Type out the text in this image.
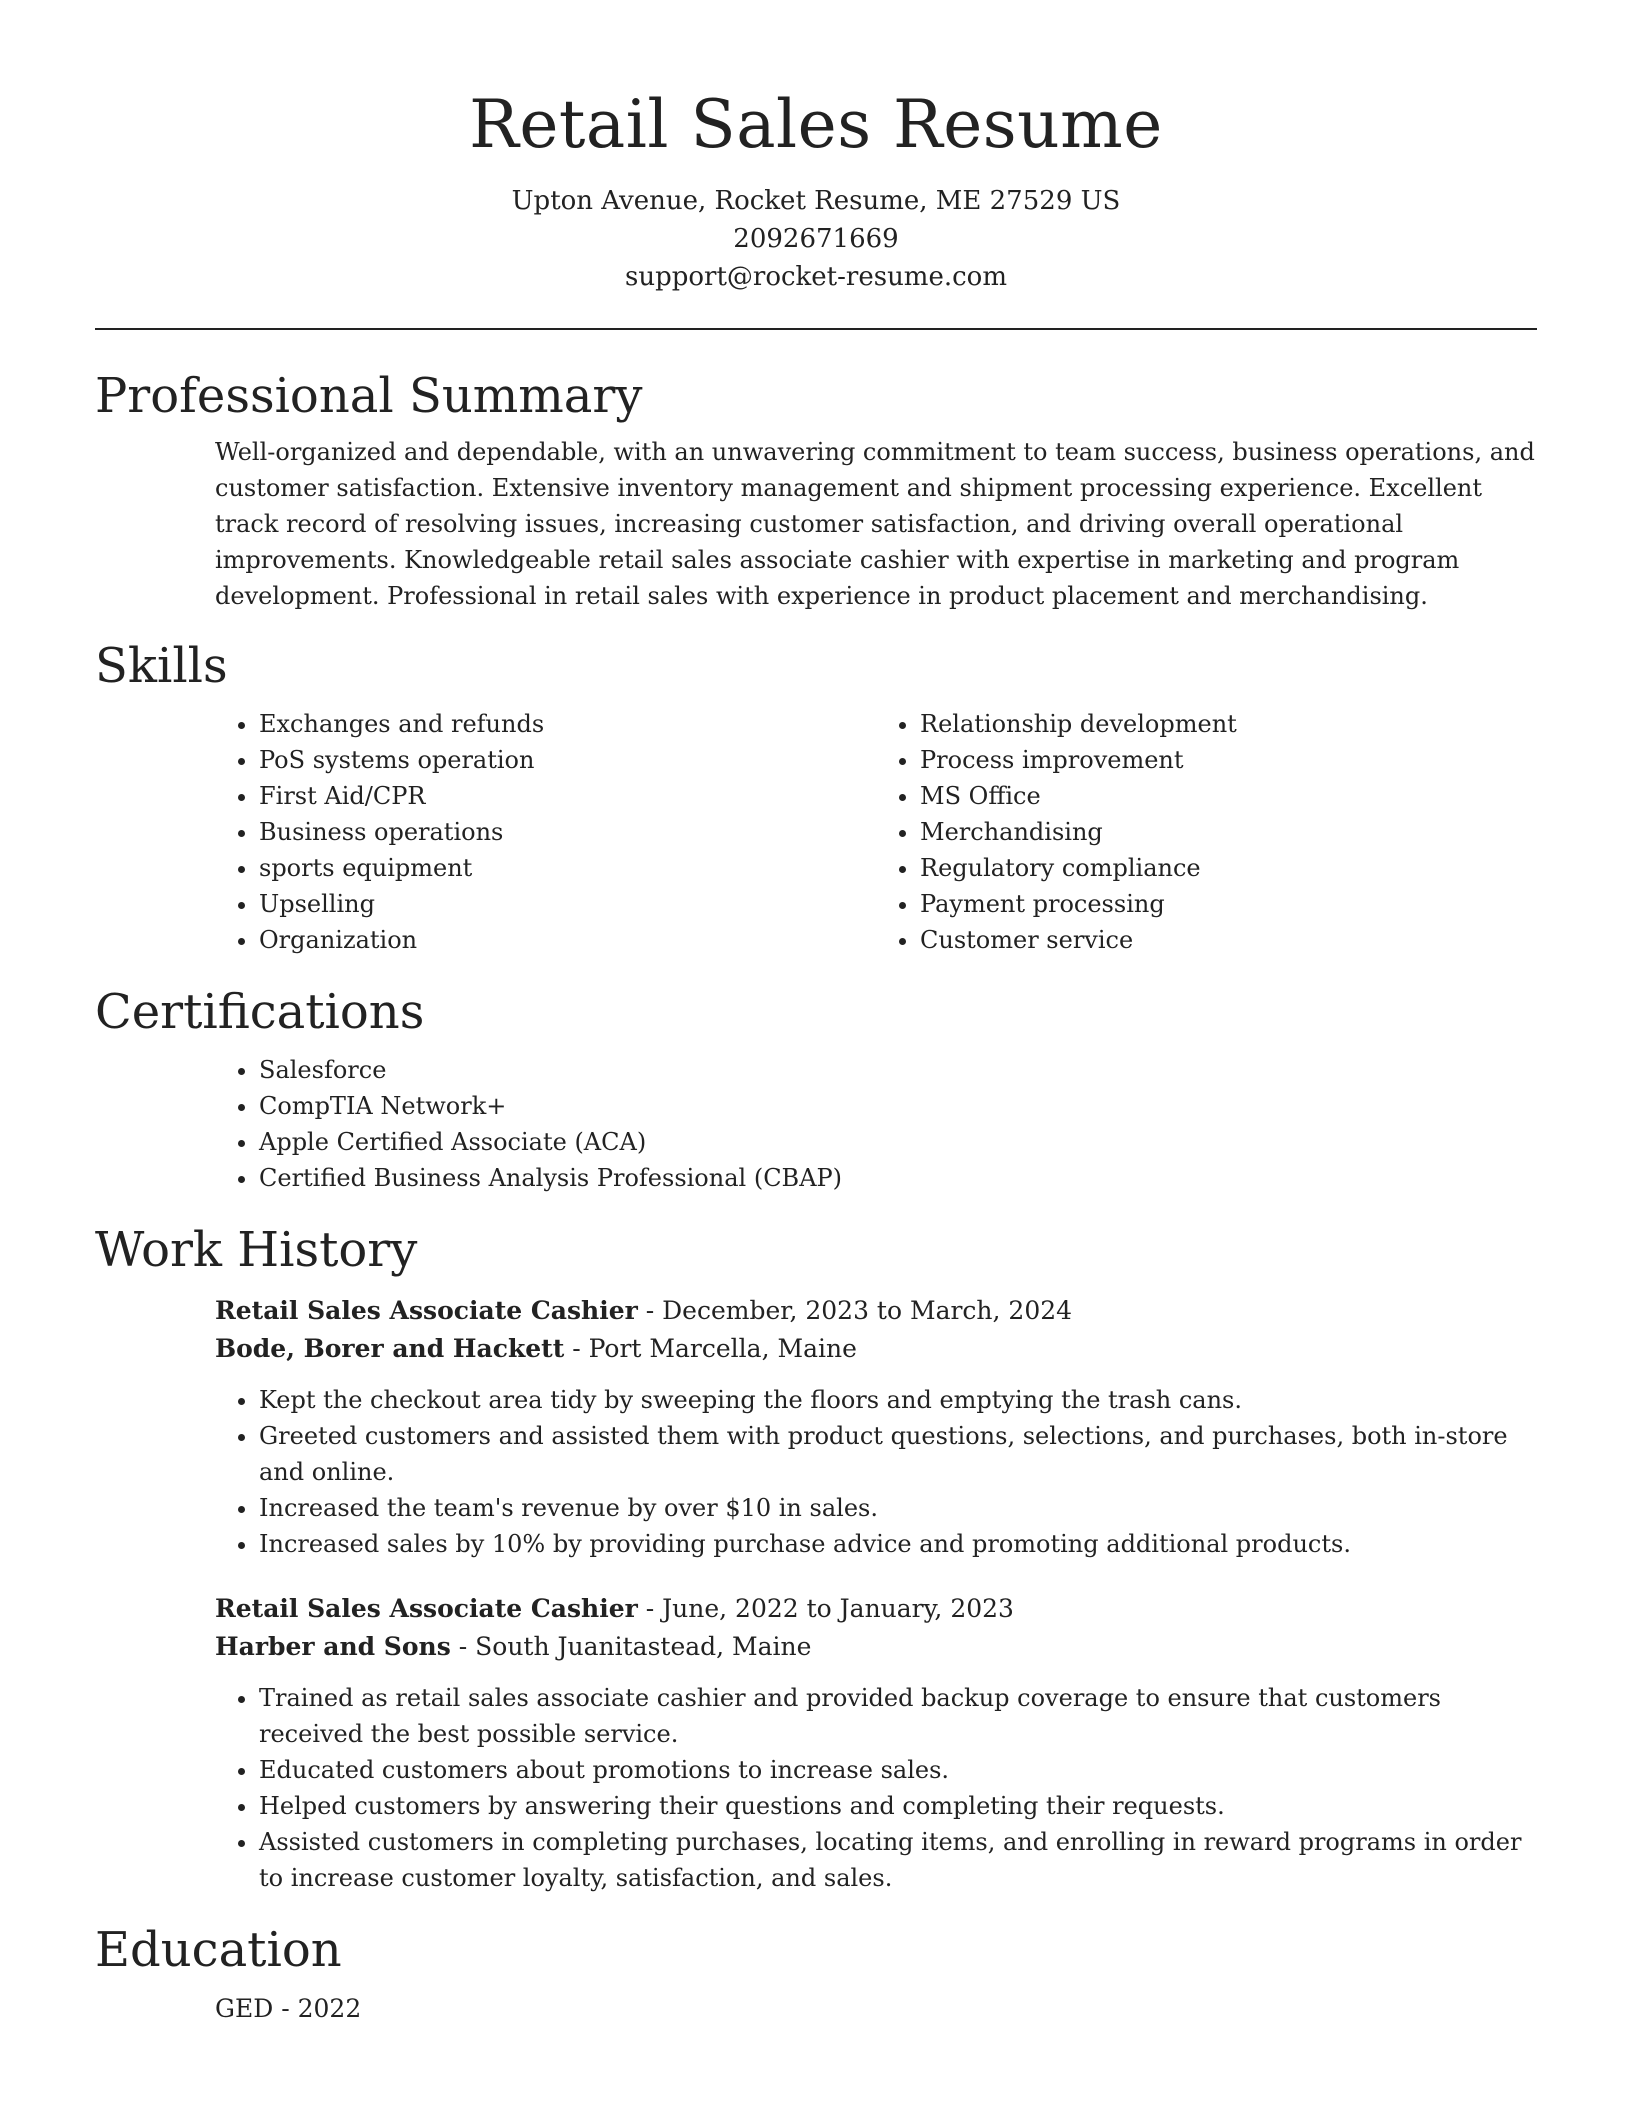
Retail Sales Resume

Upton Avenue, Rocket Resume, ME 27529 US

2092671669

support@rocket-resume.com

Professional Summary

Well-organized and dependable, with an unwavering commitment to team success, business operations, and customer satisfaction. Extensive inventory management and shipment processing experience. Excellent track record of resolving issues, increasing customer satisfaction, and driving overall operational improvements. Knowledgeable retail sales associate cashier with expertise in marketing and program development. Professional in retail sales with experience in product placement and merchandising.

Skills
• Exchanges and refunds
• PoS systems operation
• First Aid/CPR
• Business operations
• sports equipment
• Upselling
• Organization
• Relationship development
• Process improvement
• MS Office
• Merchandising
• Regulatory compliance
• Payment processing
• Customer service
Certifications
• Salesforce
• CompTIA Network+
• Apple Certified Associate (ACA)
• Certified Business Analysis Professional (CBAP)
Work History

Retail Sales Associate Cashier - December, 2023 to March, 2024

Bode, Borer and Hackett - Port Marcella, Maine

• Kept the checkout area tidy by sweeping the floors and emptying the trash cans.
• Greeted customers and assisted them with product questions, selections, and purchases, both in-store and online.
• Increased the team's revenue by over $10 in sales.
• Increased sales by 10% by providing purchase advice and promoting additional products.

Retail Sales Associate Cashier - June, 2022 to January, 2023

Harber and Sons - South Juanitastead, Maine

• Trained as retail sales associate cashier and provided backup coverage to ensure that customers received the best possible service.
• Educated customers about promotions to increase sales.
• Helped customers by answering their questions and completing their requests.
• Assisted customers in completing purchases, locating items, and enrolling in reward programs in order to increase customer loyalty, satisfaction, and sales.
Education

GED - 2022
